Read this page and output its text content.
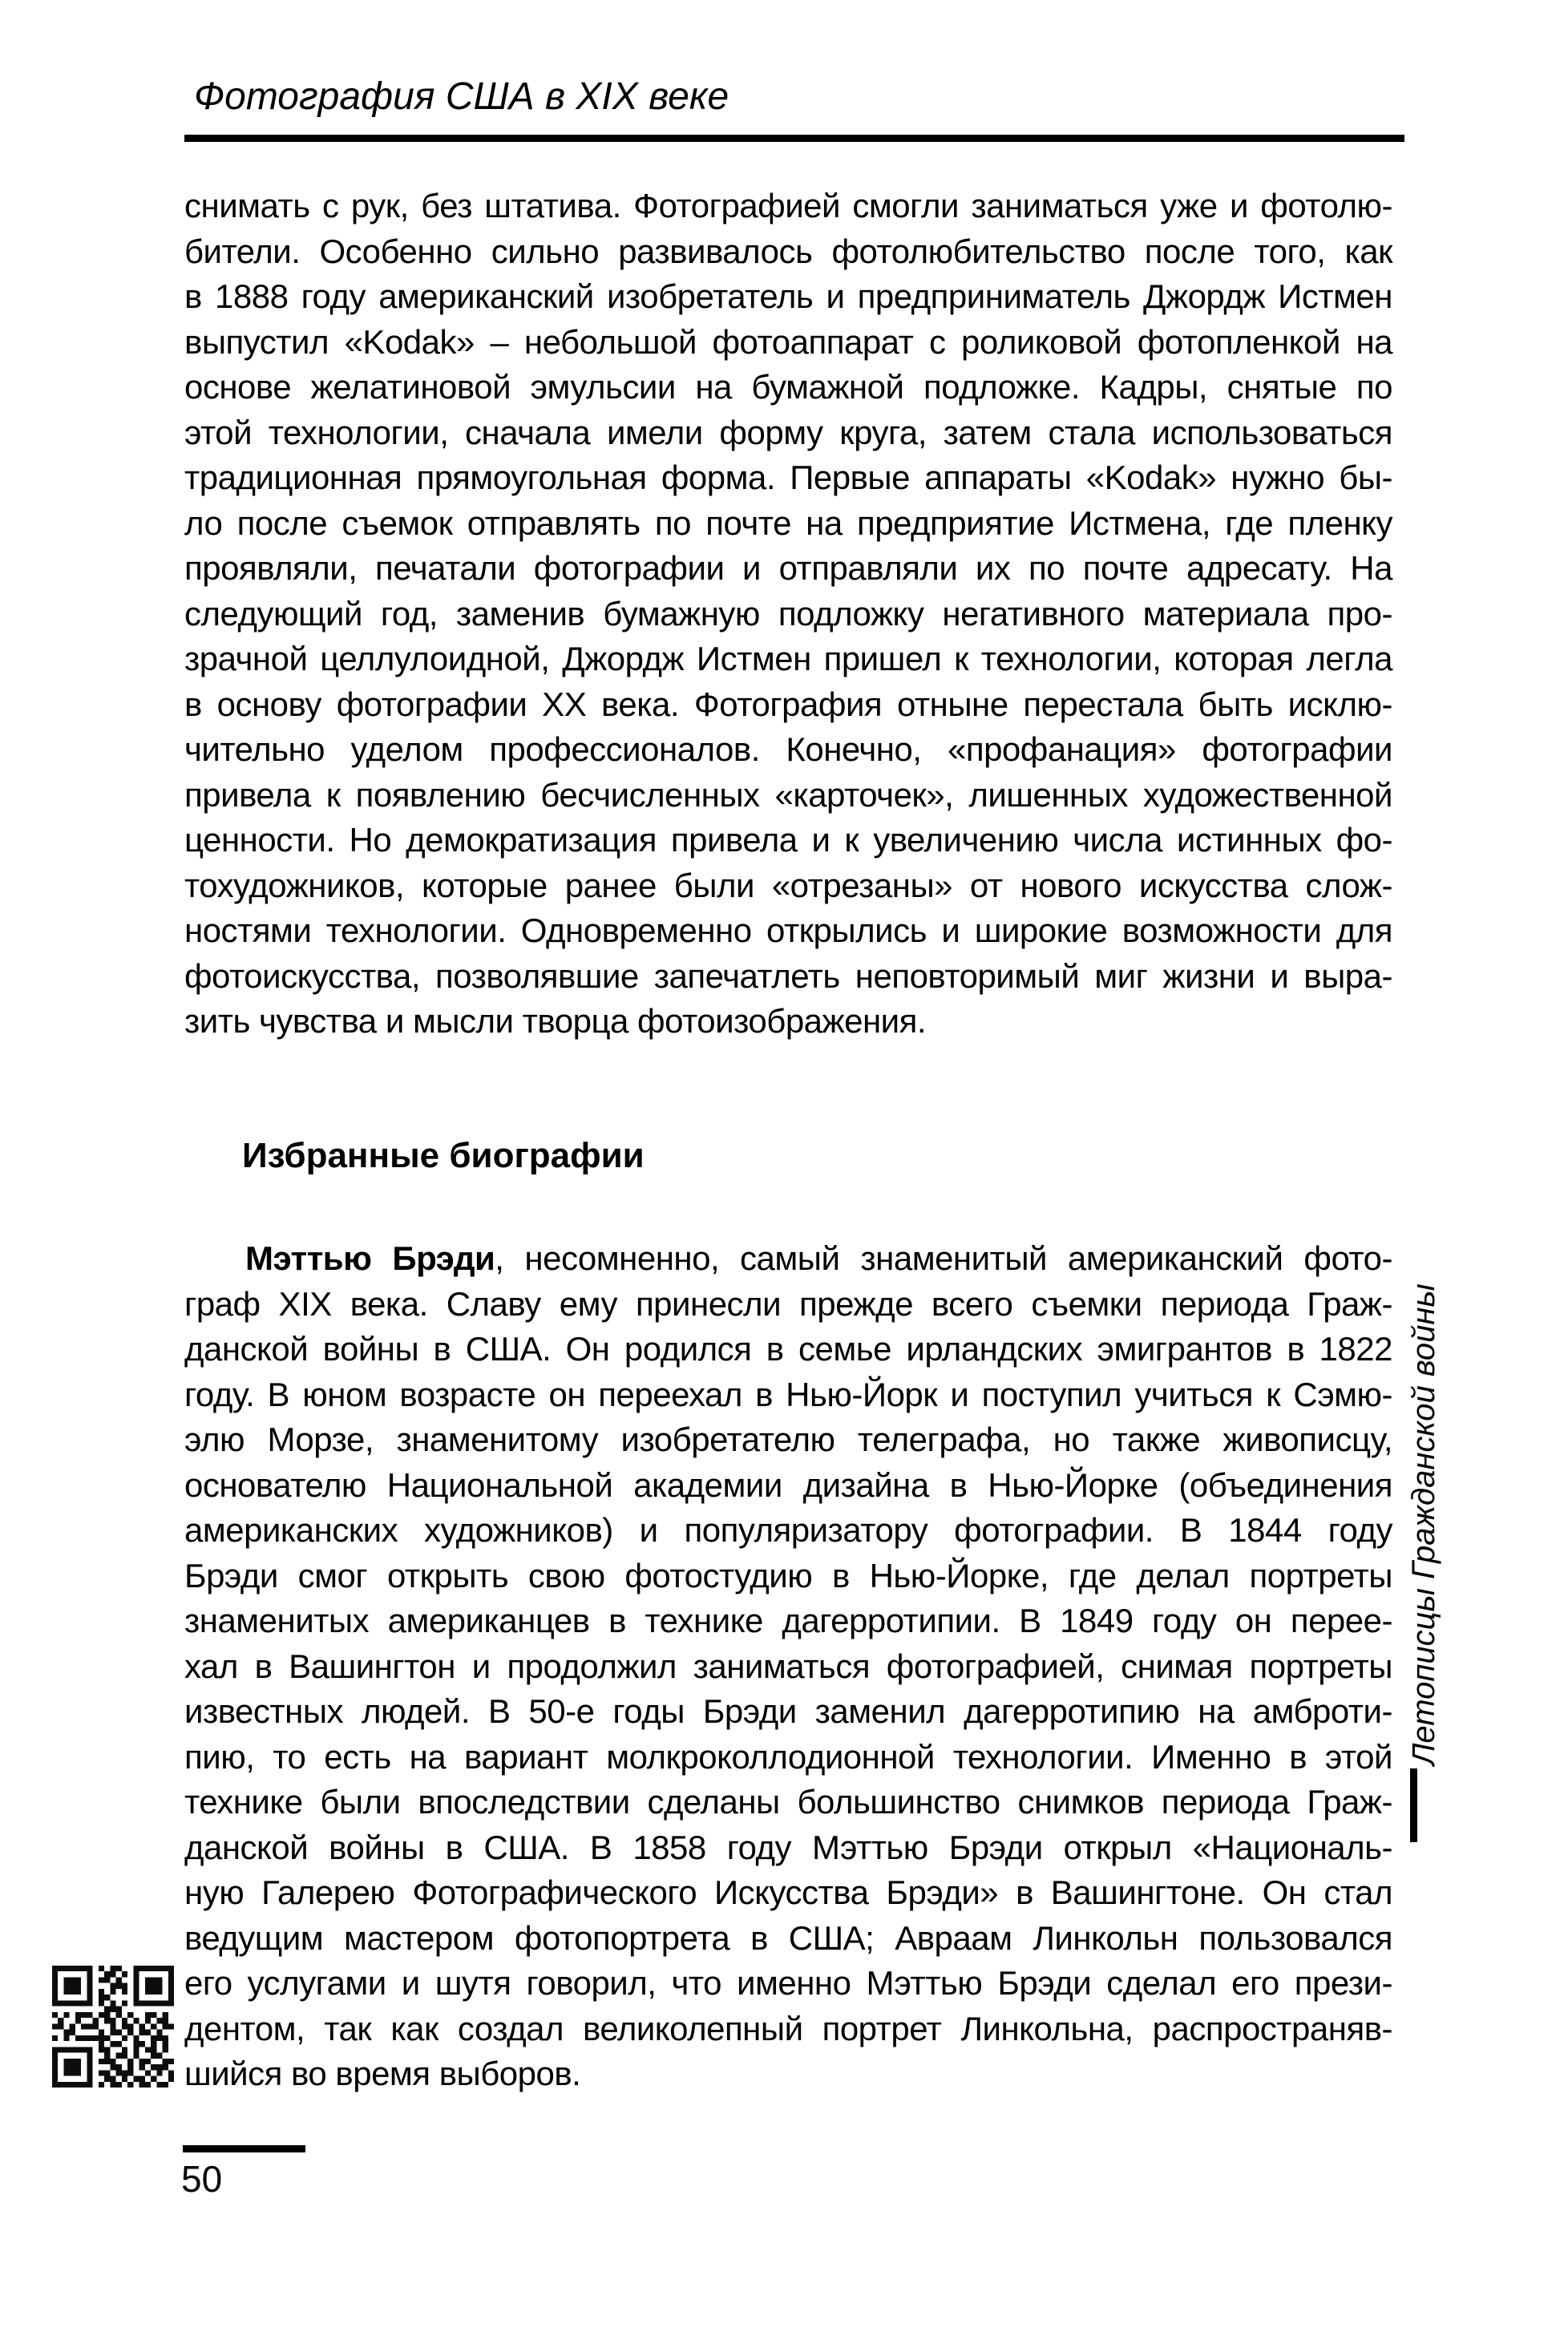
Фотография США в XIX веке
снимать с рук, без штатива. Фотографией смогли заниматься уже и фотолю-
бители. Особенно сильно развивалось фотолюбительство после того, как
в 1888 году американский изобретатель и предприниматель Джордж Истмен
выпустил «Kodak» – небольшой фотоаппарат с роликовой фотопленкой на
основе желатиновой эмульсии на бумажной подложке. Кадры, снятые по
этой технологии, сначала имели форму круга, затем стала использоваться
традиционная прямоугольная форма. Первые аппараты «Kodak» нужно бы-
ло после съемок отправлять по почте на предприятие Истмена, где пленку
проявляли, печатали фотографии и отправляли их по почте адресату. На
следующий год, заменив бумажную подложку негативного материала про-
зрачной целлулоидной, Джордж Истмен пришел к технологии, которая легла
в основу фотографии XX века. Фотография отныне перестала быть исклю-
чительно уделом профессионалов. Конечно, «профанация» фотографии
привела к появлению бесчисленных «карточек», лишенных художественной
ценности. Но демократизация привела и к увеличению числа истинных фо-
тохудожников, которые ранее были «отрезаны» от нового искусства слож-
ностями технологии. Одновременно открылись и широкие возможности для
фотоискусства, позволявшие запечатлеть неповторимый миг жизни и выра-
зить чувства и мысли творца фотоизображения.
Избранные биографии
Мэттью Брэди, несомненно, самый знаменитый американский фото-
граф XIX века. Славу ему принесли прежде всего съемки периода Граж-
данской войны в США. Он родился в семье ирландских эмигрантов в 1822
году. В юном возрасте он переехал в Нью-Йорк и поступил учиться к Сэмю-
элю Морзе, знаменитому изобретателю телеграфа, но также живописцу,
основателю Национальной академии дизайна в Нью-Йорке (объединения
американских художников) и популяризатору фотографии. В 1844 году
Брэди смог открыть свою фотостудию в Нью-Йорке, где делал портреты
знаменитых американцев в технике дагерротипии. В 1849 году он перее-
хал в Вашингтон и продолжил заниматься фотографией, снимая портреты
известных людей. В 50-е годы Брэди заменил дагерротипию на амброти-
пию, то есть на вариант молкроколлодионной технологии. Именно в этой
технике были впоследствии сделаны большинство снимков периода Граж-
данской войны в США. В 1858 году Мэттью Брэди открыл «Националь-
ную Галерею Фотографического Искусства Брэди» в Вашингтоне. Он стал
ведущим мастером фотопортрета в США; Авраам Линкольн пользовался
его услугами и шутя говорил, что именно Мэттью Брэди сделал его прези-
дентом, так как создал великолепный портрет Линкольна, распространяв-
шийся во время выборов.
Летописцы Гражданской войны
50
